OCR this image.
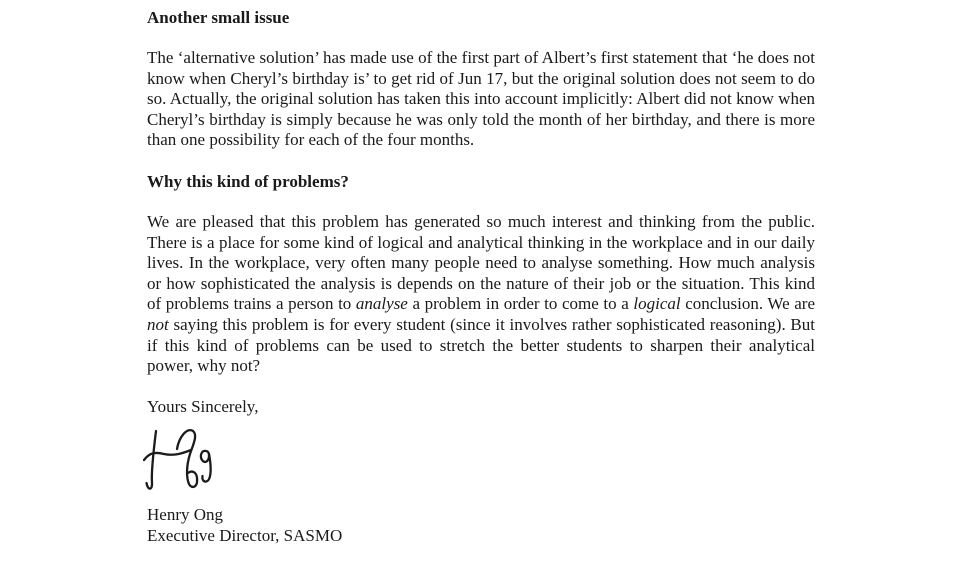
Another small issue

The ‘alternative solution’ has made use of the first part of Albert’s first statement that ‘he does not know when Cheryl’s birthday is’ to get rid of Jun 17, but the original solution does not seem to do so. Actually, the original solution has taken this into account implicitly: Albert did not know when Cheryl’s birthday is simply because he was only told the month of her birthday, and there is more than one possibility for each of the four months.

Why this kind of problems?

We are pleased that this problem has generated so much interest and thinking from the public. There is a place for some kind of logical and analytical thinking in the workplace and in our daily lives. In the workplace, very often many people need to analyse something. How much analysis or how sophisticated the analysis is depends on the nature of their job or the situation. This kind of problems trains a person to analyse a problem in order to come to a logical conclusion. We are not saying this problem is for every student (since it involves rather sophisticated reasoning). But if this kind of problems can be used to stretch the better students to sharpen their analytical power, why not?

Yours Sincerely,

Henry Ong
Executive Director, SASMO
